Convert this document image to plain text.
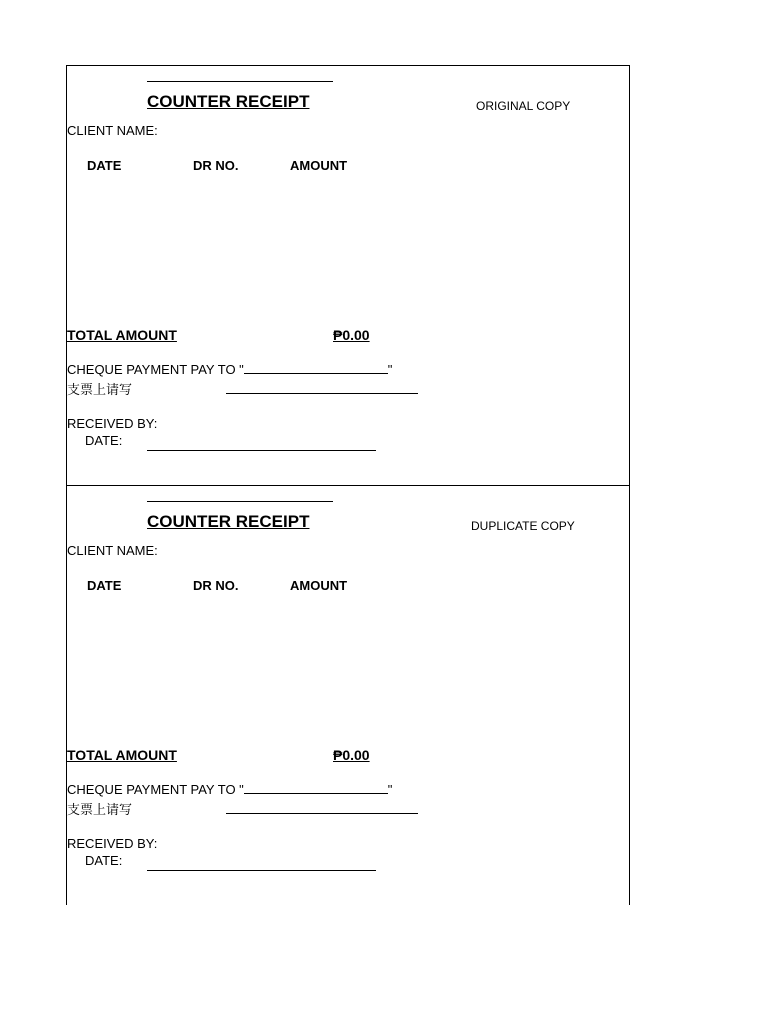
COUNTER RECEIPT	ORIGINAL COPY
CLIENT NAME:
DATE	DR NO.	AMOUNT
TOTAL AMOUNT	₱0.00
CHEQUE PAYMENT PAY TO "	"
支票上请写
RECEIVED BY:
DATE:
COUNTER RECEIPT	DUPLICATE COPY
CLIENT NAME:
DATE	DR NO.	AMOUNT
TOTAL AMOUNT	₱0.00
CHEQUE PAYMENT PAY TO "	"
支票上请写
RECEIVED BY:
DATE:
